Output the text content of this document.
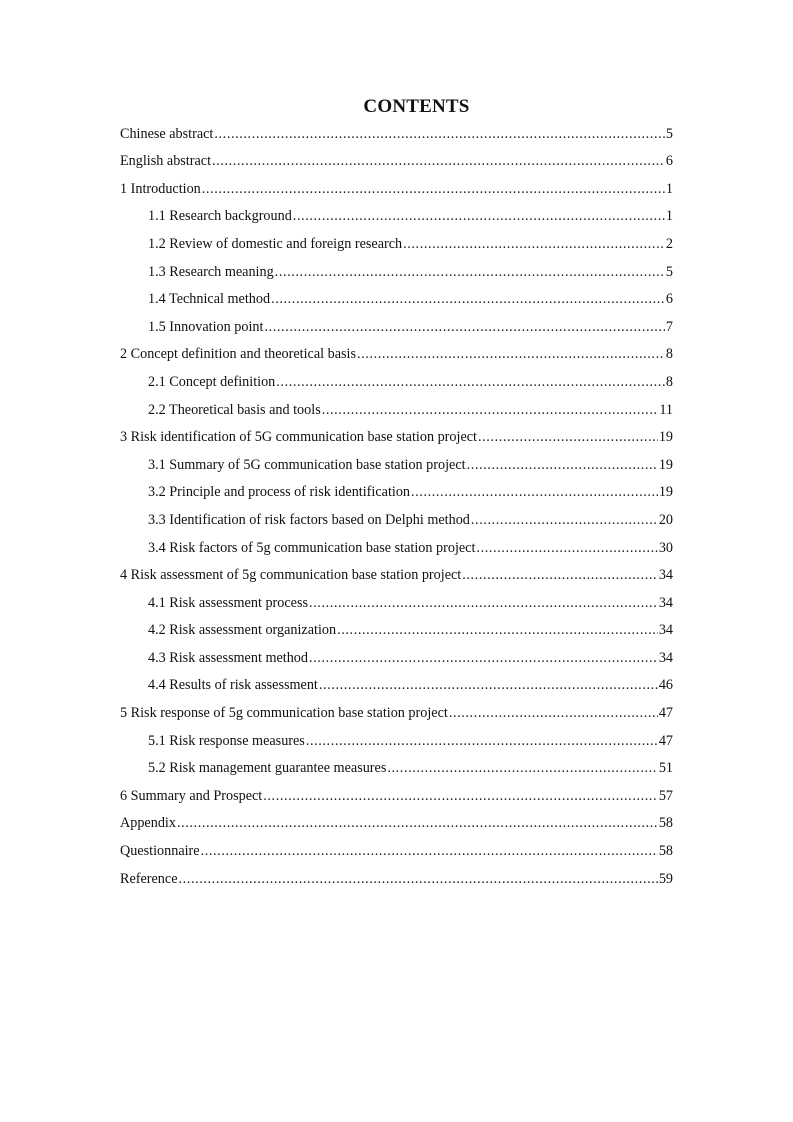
CONTENTS
Chinese abstract .....	5
English abstract .....	6
1 Introduction .....	1
1.1 Research background .....	1
1.2 Review of domestic and foreign research .....	2
1.3 Research meaning .....	5
1.4 Technical method .....	6
1.5 Innovation point .....	7
2 Concept definition and theoretical basis .....	8
2.1 Concept definition .....	8
2.2 Theoretical basis and tools .....	11
3 Risk identification of 5G communication base station project .....	19
3.1 Summary of 5G communication base station project .....	19
3.2 Principle and process of risk identification .....	19
3.3 Identification of risk factors based on Delphi method .....	20
3.4 Risk factors of 5g communication base station project .....	30
4 Risk assessment of 5g communication base station project .....	34
4.1 Risk assessment process .....	34
4.2 Risk assessment organization .....	34
4.3 Risk assessment method .....	34
4.4 Results of risk assessment .....	46
5 Risk response of 5g communication base station project .....	47
5.1 Risk response measures .....	47
5.2 Risk management guarantee measures .....	51
6 Summary and Prospect .....	57
Appendix .....	58
Questionnaire .....	58
Reference .....	59
